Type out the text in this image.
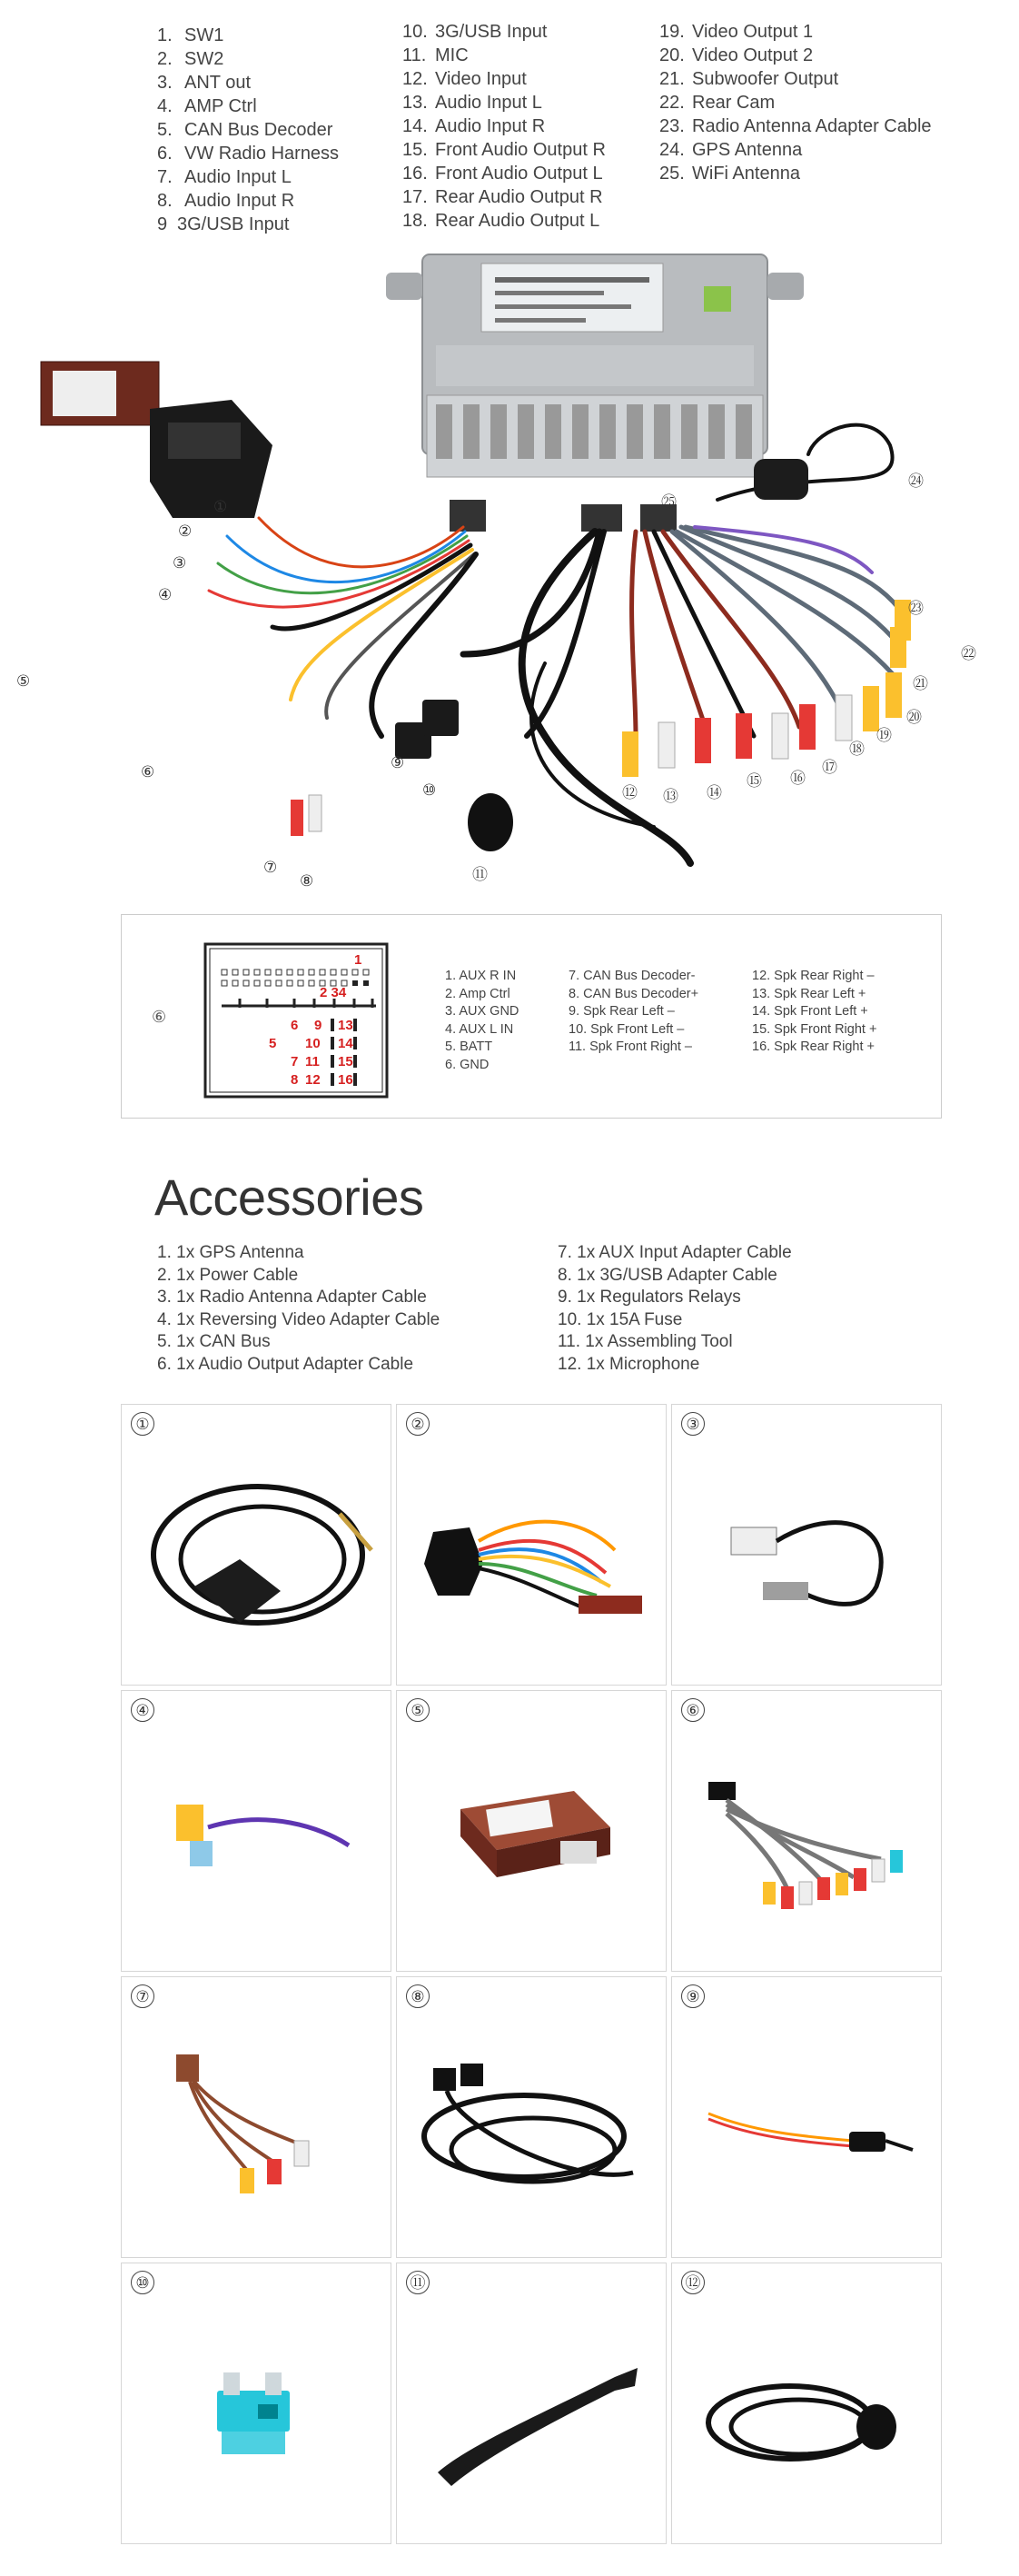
1. SW1
2. SW2
3. ANT out
4. AMP Ctrl
5. CAN Bus Decoder
6. VW Radio Harness
7. Audio Input L
8. Audio Input R
9 3G/USB Input
10. 3G/USB Input
11. MIC
12. Video Input
13. Audio Input L
14. Audio Input R
15. Front Audio Output R
16. Front Audio Output L
17. Rear Audio Output R
18. Rear Audio Output L
19. Video Output 1
20. Video Output 2
21. Subwoofer Output
22. Rear Cam
23. Radio Antenna Adapter Cable
24. GPS Antenna
25. WiFi Antenna
①
②
③
④
⑤
⑥
⑦
⑧
⑨
⑩
⑪
⑫ ⑬ ⑭
⑮ ⑯
⑰
⑱
⑲
⑳
㉑
㉒
㉓
㉔
㉕
⑥
1
2 34
6 9 13
5 10 14
7 11 15
8 12 16
1. AUX R IN
2. Amp Ctrl
3. AUX GND
4. AUX L IN
5. BATT
6. GND
7. CAN Bus Decoder-
8. CAN Bus Decoder+
9. Spk Rear Left –
10. Spk Front Left –
11. Spk Front Right –
12. Spk Rear Right –
13. Spk Rear Left +
14. Spk Front Left +
15. Spk Front Right +
16. Spk Rear Right +
Accessories
1. 1x GPS Antenna
2. 1x Power Cable
3. 1x Radio Antenna Adapter Cable
4. 1x Reversing Video Adapter Cable
5. 1x CAN Bus
6. 1x Audio Output Adapter Cable
7. 1x AUX Input Adapter Cable
8. 1x 3G/USB Adapter Cable
9. 1x Regulators Relays
10. 1x 15A Fuse
11. 1x Assembling Tool
12. 1x Microphone
①	②	③
④	⑤	⑥
⑦	⑧	⑨
⑩	⑪	⑫
